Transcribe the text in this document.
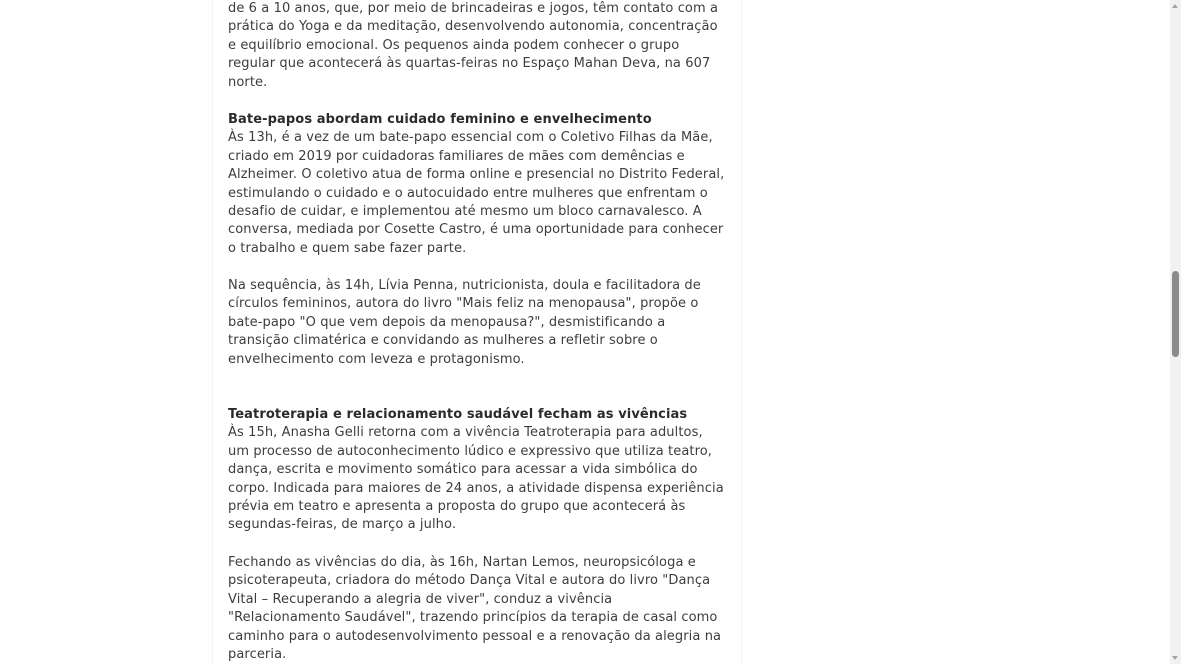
de 6 a 10 anos, que, por meio de brincadeiras e jogos, têm contato com a prática do Yoga e da meditação, desenvolvendo autonomia, concentração e equilíbrio emocional. Os pequenos ainda podem conhecer o grupo regular que acontecerá às quartas-feiras no Espaço Mahan Deva, na 607 norte.

Bate-papos abordam cuidado feminino e envelhecimento

Às 13h, é a vez de um bate-papo essencial com o Coletivo Filhas da Mãe, criado em 2019 por cuidadoras familiares de mães com demências e Alzheimer. O coletivo atua de forma online e presencial no Distrito Federal, estimulando o cuidado e o autocuidado entre mulheres que enfrentam o desafio de cuidar, e implementou até mesmo um bloco carnavalesco. A conversa, mediada por Cosette Castro, é uma oportunidade para conhecer o trabalho e quem sabe fazer parte.

Na sequência, às 14h, Lívia Penna, nutricionista, doula e facilitadora de círculos femininos, autora do livro "Mais feliz na menopausa", propõe o bate-papo "O que vem depois da menopausa?", desmistificando a transição climatérica e convidando as mulheres a refletir sobre o envelhecimento com leveza e protagonismo.

Teatroterapia e relacionamento saudável fecham as vivências

Às 15h, Anasha Gelli retorna com a vivência Teatroterapia para adultos, um processo de autoconhecimento lúdico e expressivo que utiliza teatro, dança, escrita e movimento somático para acessar a vida simbólica do corpo. Indicada para maiores de 24 anos, a atividade dispensa experiência prévia em teatro e apresenta a proposta do grupo que acontecerá às segundas-feiras, de março a julho.

Fechando as vivências do dia, às 16h, Nartan Lemos, neuropsicóloga e psicoterapeuta, criadora do método Dança Vital e autora do livro "Dança Vital – Recuperando a alegria de viver", conduz a vivência "Relacionamento Saudável", trazendo princípios da terapia de casal como caminho para o autodesenvolvimento pessoal e a renovação da alegria na parceria.
